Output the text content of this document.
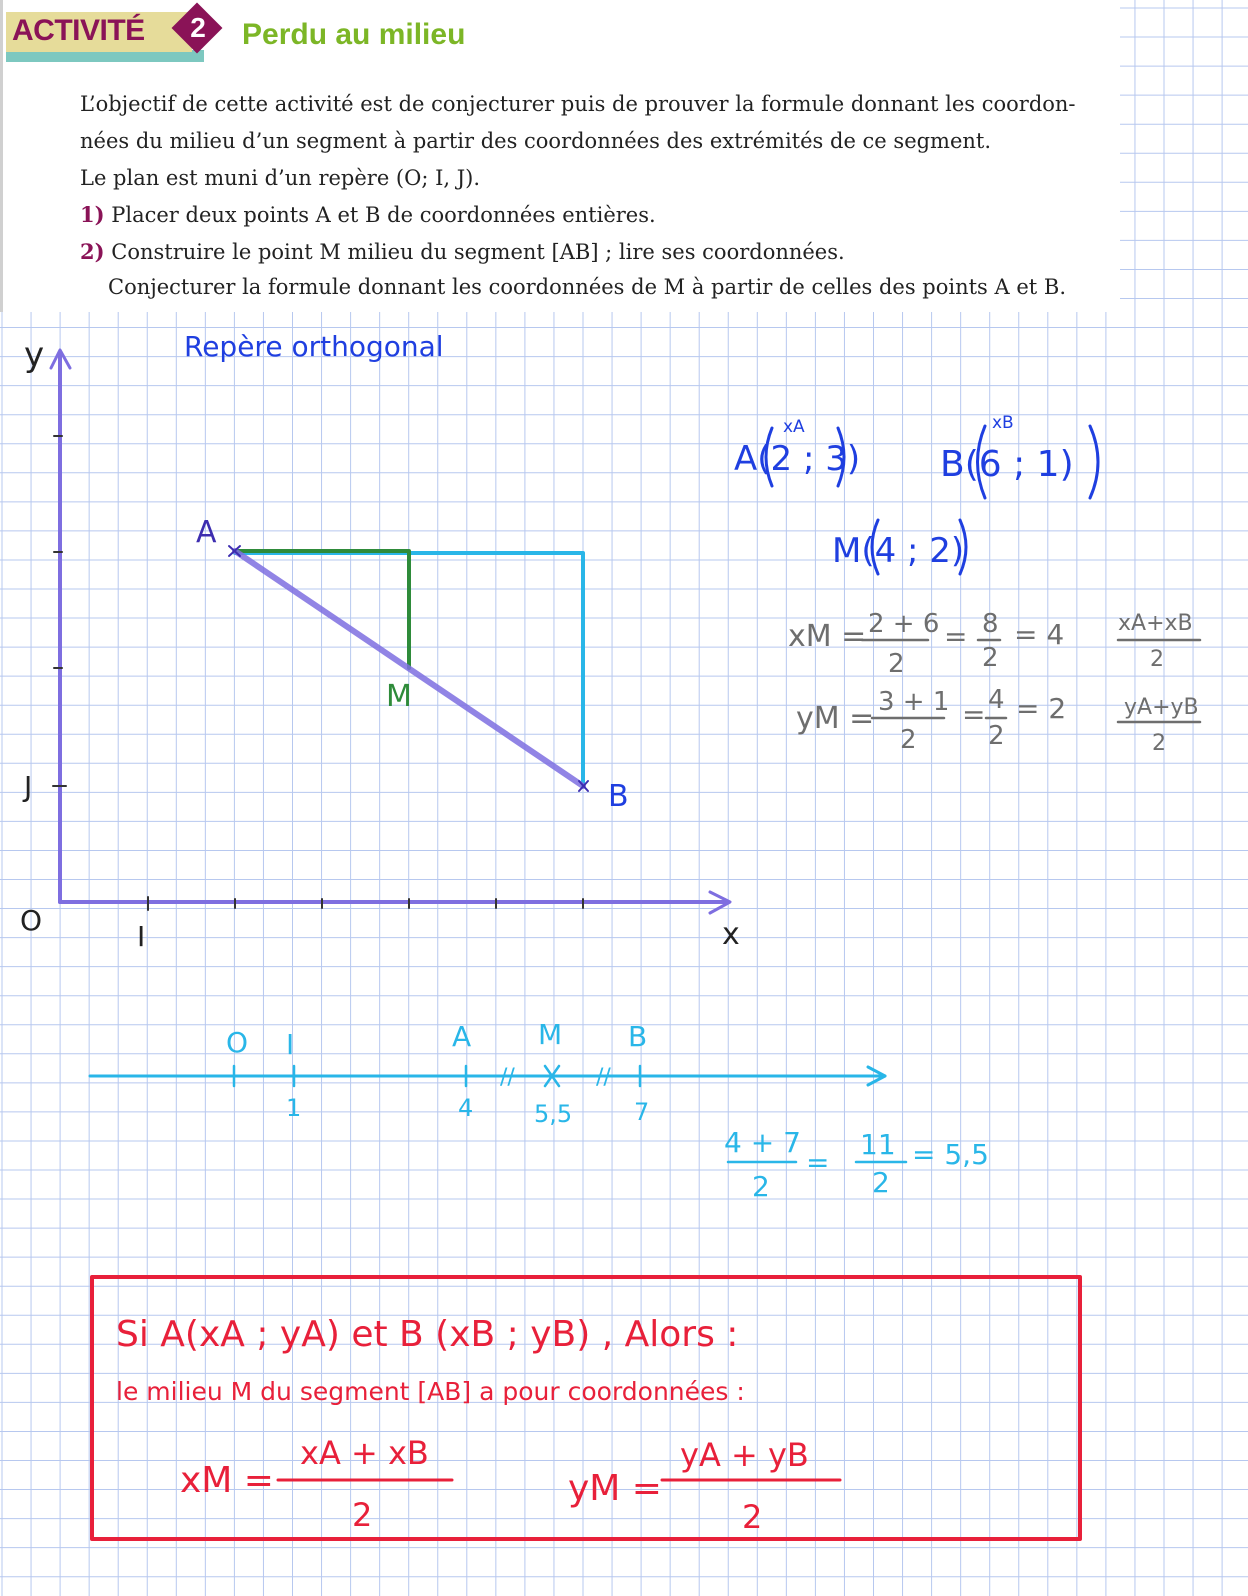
ACTIVITÉ	2	Perdu au milieu
L’objectif de cette activité est de conjecturer puis de prouver la formule donnant les coordon-
nées du milieu d’un segment à partir des coordonnées des extrémités de ce segment.
Le plan est muni d’un repère (O; I, J).
1) Placer deux points A et B de coordonnées entières.
2) Construire le point M milieu du segment [AB] ; lire ses coordonnées.
Conjecturer la formule donnant les coordonnées de M à partir de celles des points A et B.
y	Repère orthogonal
A
M
B
J
O	I	x
A(2 ; 3)
xA
B(6 ; 1)
xB
M(4 ; 2)
xM = 2 + 6
2
= 8
2
= 4 xA+xB
2
yM = 3 + 1
2
= 4
2
= 2	yA+yB
2
O I	A M B
1	4	5,5	7
//	//
4 + 7
2
=
11
2
= 5,5
Si A(xA ; yA) et B (xB ; yB) , Alors :
le milieu M du segment [AB] a pour coordonnées :
xM =
xA + xB
2
yM =
yA + yB
2
